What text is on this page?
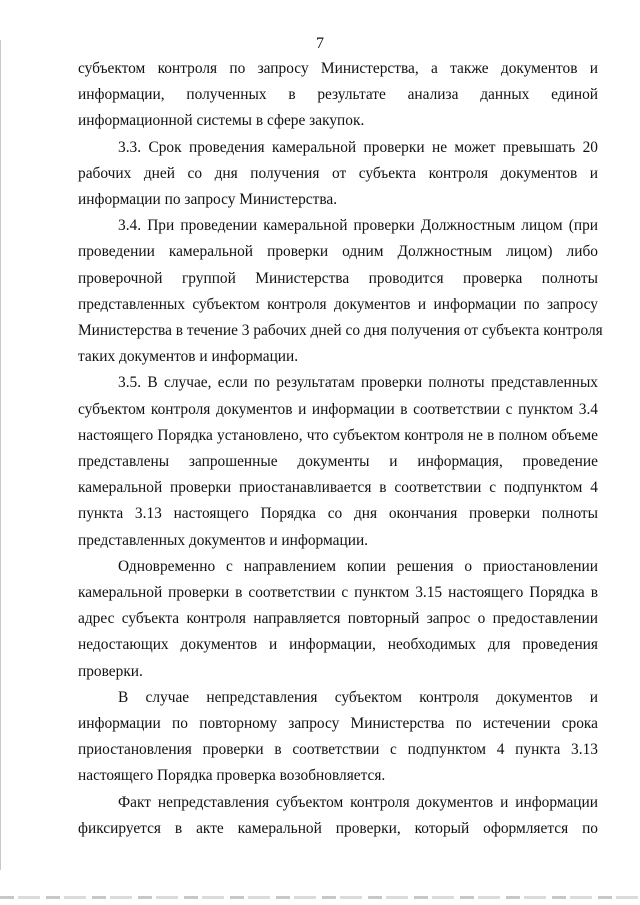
7

субъектом контроля по запросу Министерства, а также документов и
информации, полученных в результате анализа данных единой
информационной системы в сфере закупок.

3.3. Срок проведения камеральной проверки не может превышать 20
рабочих дней со дня получения от субъекта контроля документов и
информации по запросу Министерства.

3.4. При проведении камеральной проверки Должностным лицом (при
проведении камеральной проверки одним Должностным лицом) либо
проверочной группой Министерства проводится проверка полноты
представленных субъектом контроля документов и информации по запросу
Министерства в течение 3 рабочих дней со дня получения от субъекта контроля
таких документов и информации.

3.5. В случае, если по результатам проверки полноты представленных
субъектом контроля документов и информации в соответствии с пунктом 3.4
настоящего Порядка установлено, что субъектом контроля не в полном объеме
представлены запрошенные документы и информация, проведение
камеральной проверки приостанавливается в соответствии с подпунктом 4
пункта 3.13 настоящего Порядка со дня окончания проверки полноты
представленных документов и информации.

Одновременно с направлением копии решения о приостановлении
камеральной проверки в соответствии с пунктом 3.15 настоящего Порядка в
адрес субъекта контроля направляется повторный запрос о предоставлении
недостающих документов и информации, необходимых для проведения
проверки.

В случае непредставления субъектом контроля документов и
информации по повторному запросу Министерства по истечении срока
приостановления проверки в соответствии с подпунктом 4 пункта 3.13
настоящего Порядка проверка возобновляется.

Факт непредставления субъектом контроля документов и информации
фиксируется в акте камеральной проверки, который оформляется по
